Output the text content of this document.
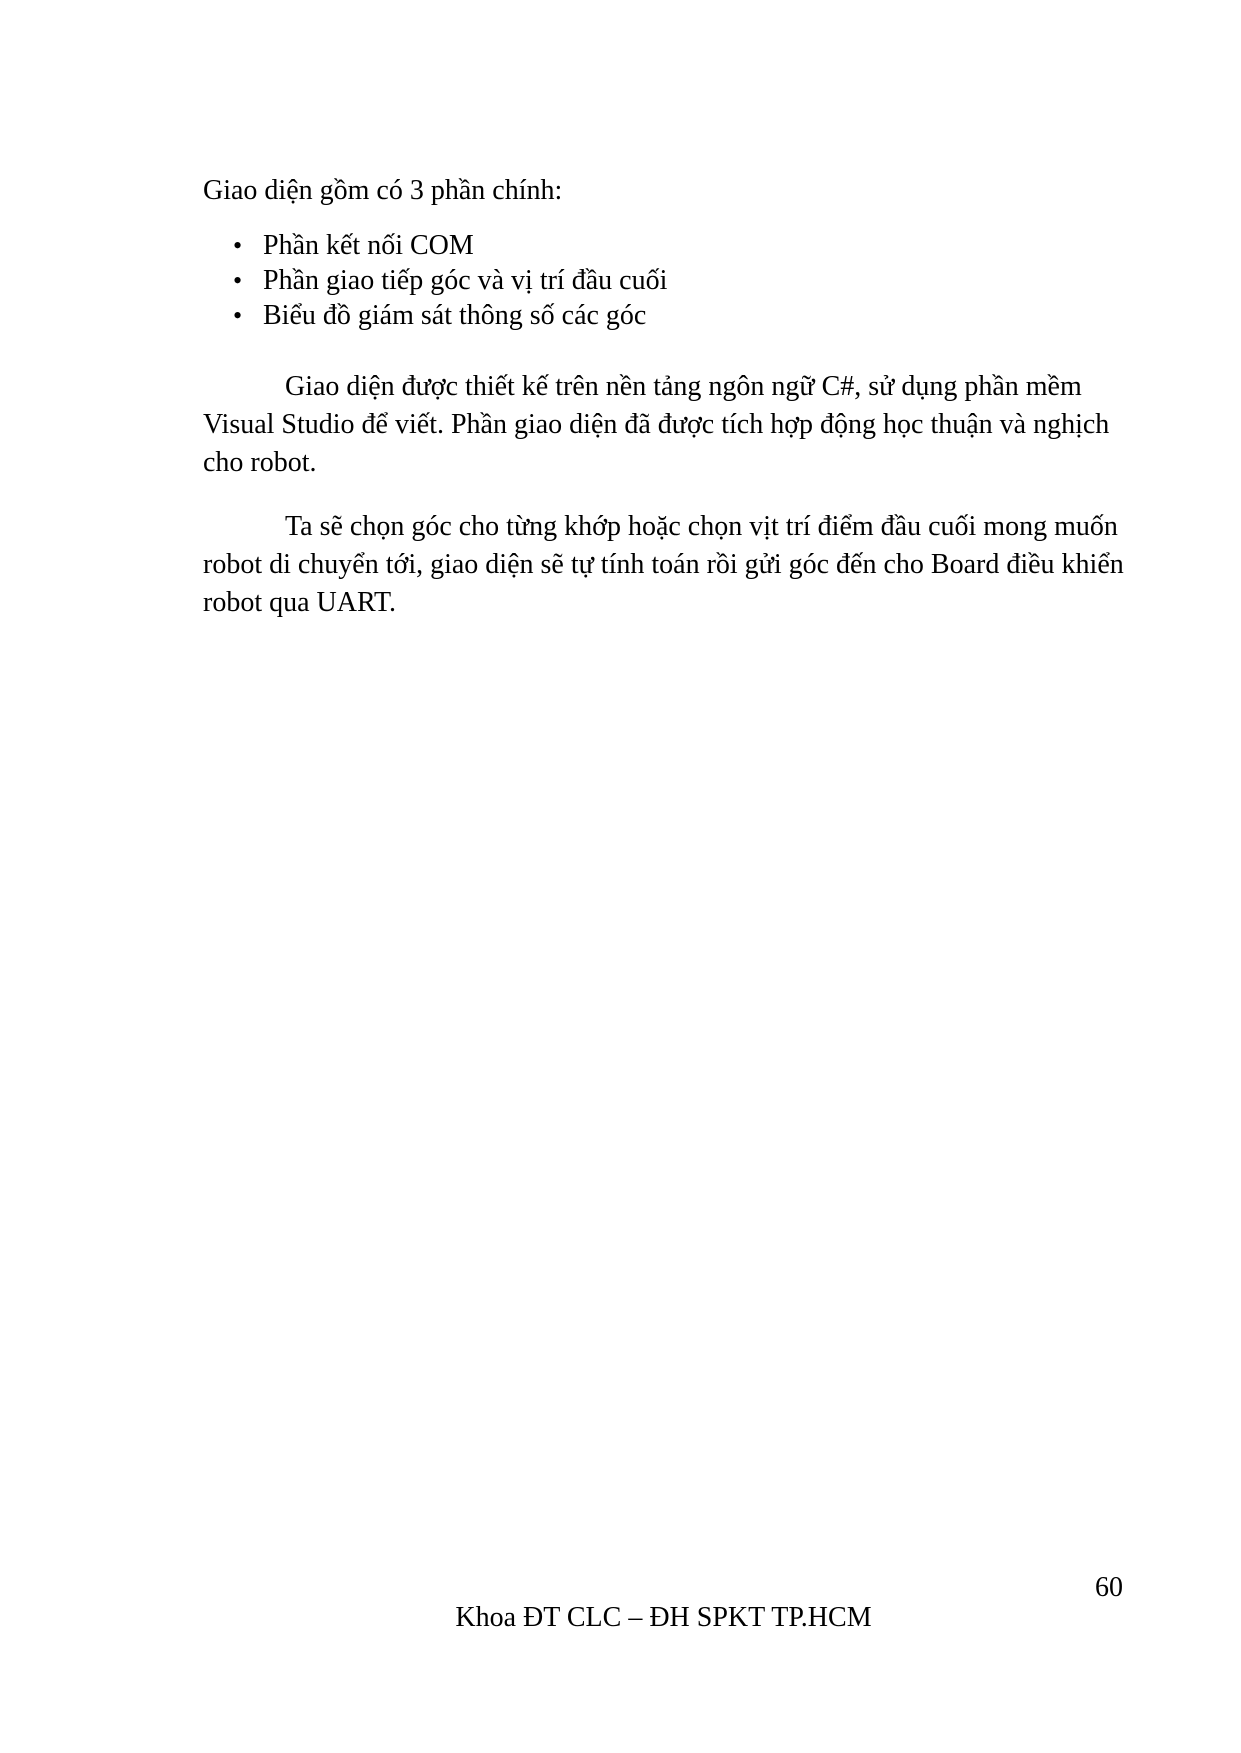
Giao diện gồm có 3 phần chính:
• Phần kết nối COM
• Phần giao tiếp góc và vị trí đầu cuối
• Biểu đồ giám sát thông số các góc
Giao diện được thiết kế trên nền tảng ngôn ngữ C#, sử dụng phần mềm
Visual Studio để viết. Phần giao diện đã được tích hợp động học thuận và nghịch
cho robot.
Ta sẽ chọn góc cho từng khớp hoặc chọn vịt trí điểm đầu cuối mong muốn
robot di chuyển tới, giao diện sẽ tự tính toán rồi gửi góc đến cho Board điều khiển
robot qua UART.
60
Khoa ĐT CLC – ĐH SPKT TP.HCM
